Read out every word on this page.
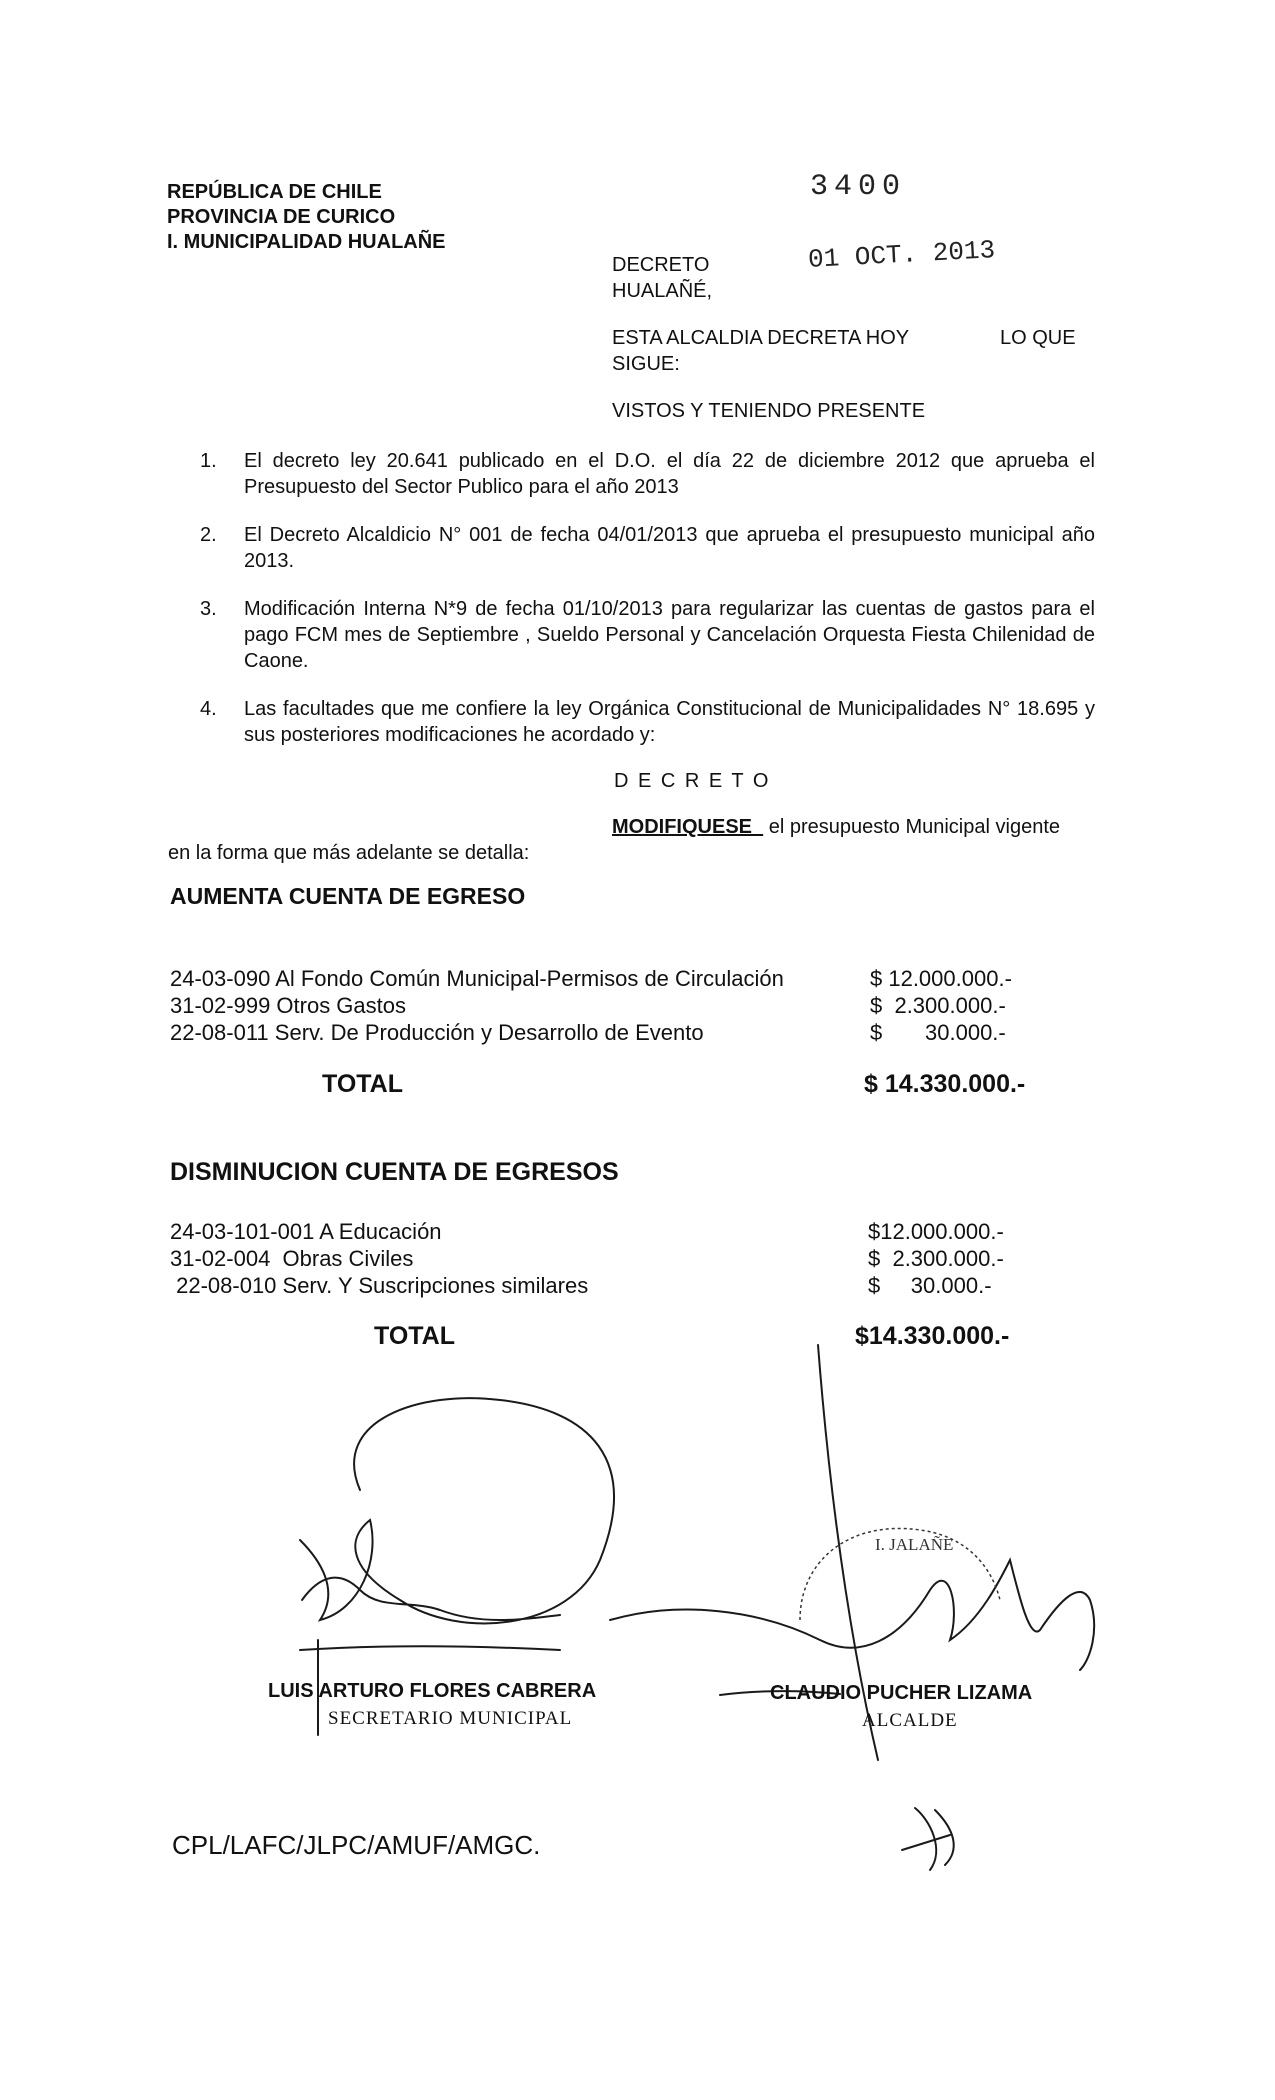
REPÚBLICA DE CHILE
PROVINCIA DE CURICO
I. MUNICIPALIDAD HUALAÑE
3400
01 OCT. 2013
DECRETO
HUALAÑÉ,
ESTA ALCALDIA DECRETA HOY	LO QUE
SIGUE:
VISTOS Y TENIENDO PRESENTE
1. El decreto ley 20.641 publicado en el D.O. el día 22 de diciembre 2012 que aprueba el Presupuesto del Sector Publico para el año 2013
2. El Decreto Alcaldicio N° 001 de fecha 04/01/2013 que aprueba el presupuesto municipal año 2013.
3. Modificación Interna N*9 de fecha 01/10/2013 para regularizar las cuentas de gastos para el pago FCM mes de Septiembre , Sueldo Personal y Cancelación Orquesta Fiesta Chilenidad de Caone.
4. Las facultades que me confiere la ley Orgánica Constitucional de Municipalidades N° 18.695 y sus posteriores modificaciones he acordado y:
D E C R E T O
MODIFIQUESE el presupuesto Municipal vigente
en la forma que más adelante se detalla:
AUMENTA CUENTA DE EGRESO
24-03-090 Al Fondo Común Municipal-Permisos de Circulación	$ 12.000.000.-
31-02-999 Otros Gastos	$  2.300.000.-
22-08-011 Serv. De Producción y Desarrollo de Evento	$       30.000.-
TOTAL	$ 14.330.000.-
DISMINUCION CUENTA DE EGRESOS
24-03-101-001 A Educación	$12.000.000.-
31-02-004  Obras Civiles	$  2.300.000.-
22-08-010 Serv. Y Suscripciones similares	$     30.000.-
TOTAL	$14.330.000.-
I. JALAÑE
LUIS ARTURO FLORES CABRERA
SECRETARIO MUNICIPAL
CLAUDIO PUCHER LIZAMA
ALCALDE
CPL/LAFC/JLPC/AMUF/AMGC.
